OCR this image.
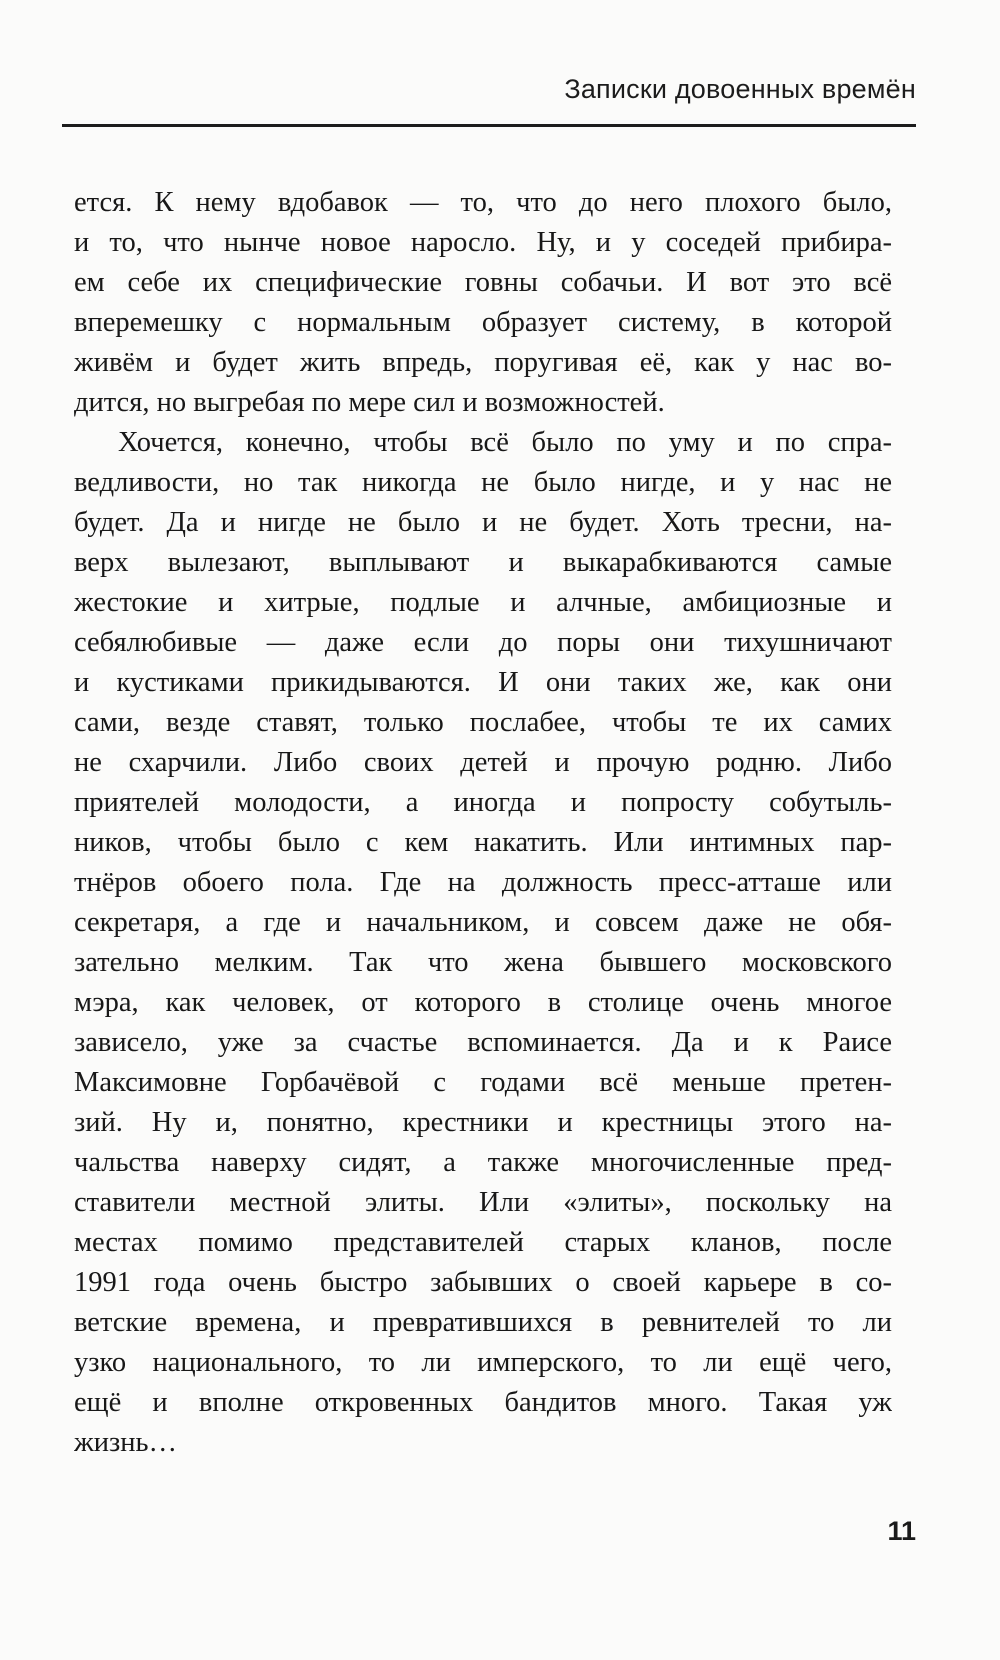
Записки довоенных времён
ется. К нему вдобавок — то, что до него плохого было,
и то, что нынче новое наросло. Ну, и у соседей прибира-
ем себе их специфические говны собачьи. И вот это всё
вперемешку с нормальным образует систему, в которой
живём и будет жить впредь, поругивая её, как у нас во-
дится, но выгребая по мере сил и возможностей.
Хочется, конечно, чтобы всё было по уму и по спра-
ведливости, но так никогда не было нигде, и у нас не
будет. Да и нигде не было и не будет. Хоть тресни, на-
верх вылезают, выплывают и выкарабкиваются самые
жестокие и хитрые, подлые и алчные, амбициозные и
себялюбивые — даже если до поры они тихушничают
и кустиками прикидываются. И они таких же, как они
сами, везде ставят, только послабее, чтобы те их самих
не схарчили. Либо своих детей и прочую родню. Либо
приятелей молодости, а иногда и попросту собутыль-
ников, чтобы было с кем накатить. Или интимных пар-
тнёров обоего пола. Где на должность пресс-атташе или
секретаря, а где и начальником, и совсем даже не обя-
зательно мелким. Так что жена бывшего московского
мэра, как человек, от которого в столице очень многое
зависело, уже за счастье вспоминается. Да и к Раисе
Максимовне Горбачёвой с годами всё меньше претен-
зий. Ну и, понятно, крестники и крестницы этого на-
чальства наверху сидят, а также многочисленные пред-
ставители местной элиты. Или «элиты», поскольку на
местах помимо представителей старых кланов, после
1991 года очень быстро забывших о своей карьере в со-
ветские времена, и превратившихся в ревнителей то ли
узко национального, то ли имперского, то ли ещё чего,
ещё и вполне откровенных бандитов много. Такая уж
жизнь…
11
